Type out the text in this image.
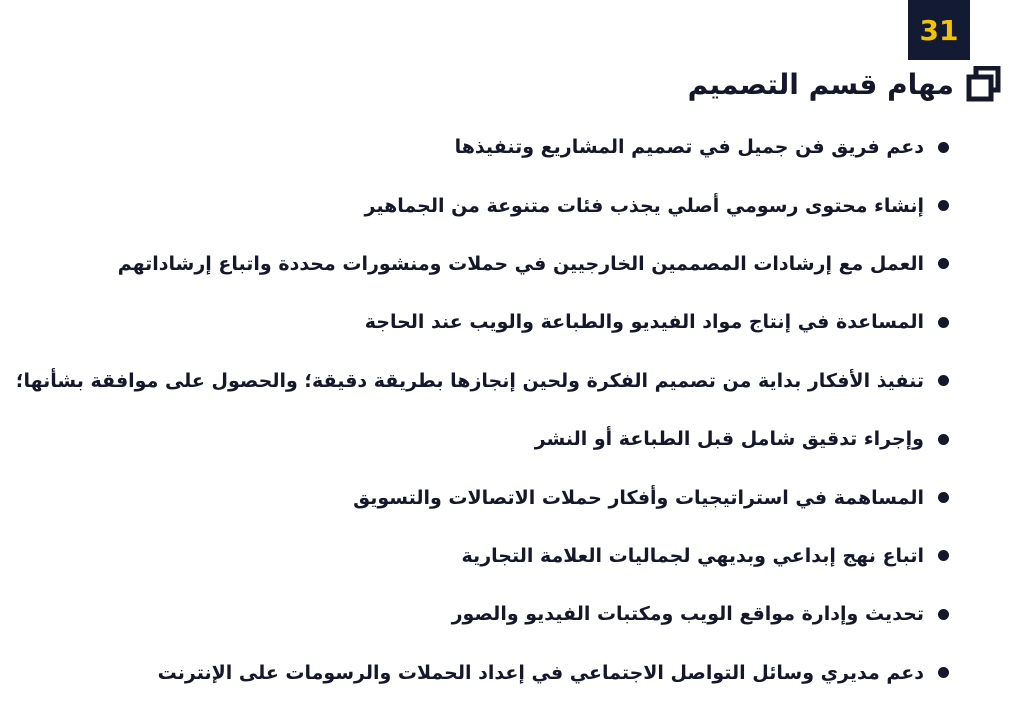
31
مهام قسم التصميم
دعم فريق فن جميل في تصميم المشاريع وتنفيذها
إنشاء محتوى رسومي أصلي يجذب فئات متنوعة من الجماهير
العمل مع إرشادات المصممين الخارجيين في حملات ومنشورات محددة واتباع إرشاداتهم
المساعدة في إنتاج مواد الفيديو والطباعة والويب عند الحاجة
تنفيذ الأفكار بداية من تصميم الفكرة ولحين إنجازها بطريقة دقيقة؛ والحصول على موافقة بشأنها؛
وإجراء تدقيق شامل قبل الطباعة أو النشر
المساهمة في استراتيجيات وأفكار حملات الاتصالات والتسويق
اتباع نهج إبداعي وبديهي لجماليات العلامة التجارية
تحديث وإدارة مواقع الويب ومكتبات الفيديو والصور
دعم مديري وسائل التواصل الاجتماعي في إعداد الحملات والرسومات على الإنترنت
